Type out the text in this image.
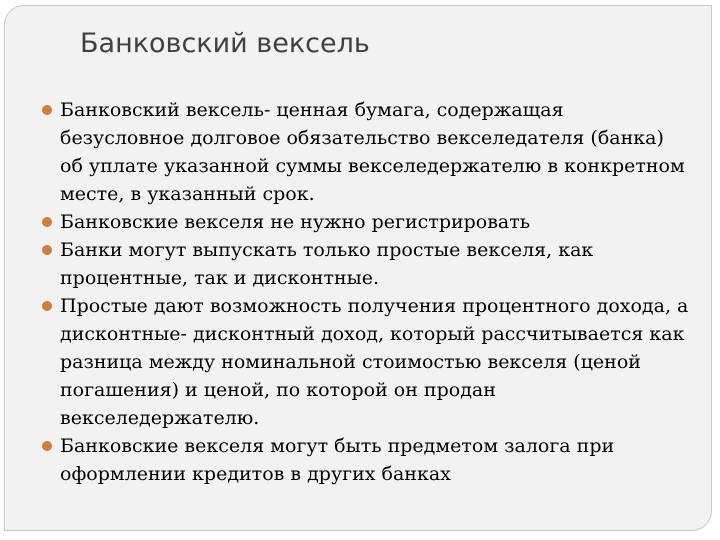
Банковский вексель
Банковский вексель- ценная бумага, содержащая безусловное долговое обязательство векселедателя (банка) об уплате указанной суммы векселедержателю в конкретном месте, в указанный срок.
Банковские векселя не нужно регистрировать
Банки могут выпускать только простые векселя, как процентные, так и дисконтные.
Простые дают возможность получения процентного дохода, а дисконтные- дисконтный доход, который рассчитывается как разница между номинальной стоимостью векселя (ценой погашения) и ценой, по которой он продан векселедержателю.
Банковские векселя могут быть предметом залога при оформлении кредитов в других банках
